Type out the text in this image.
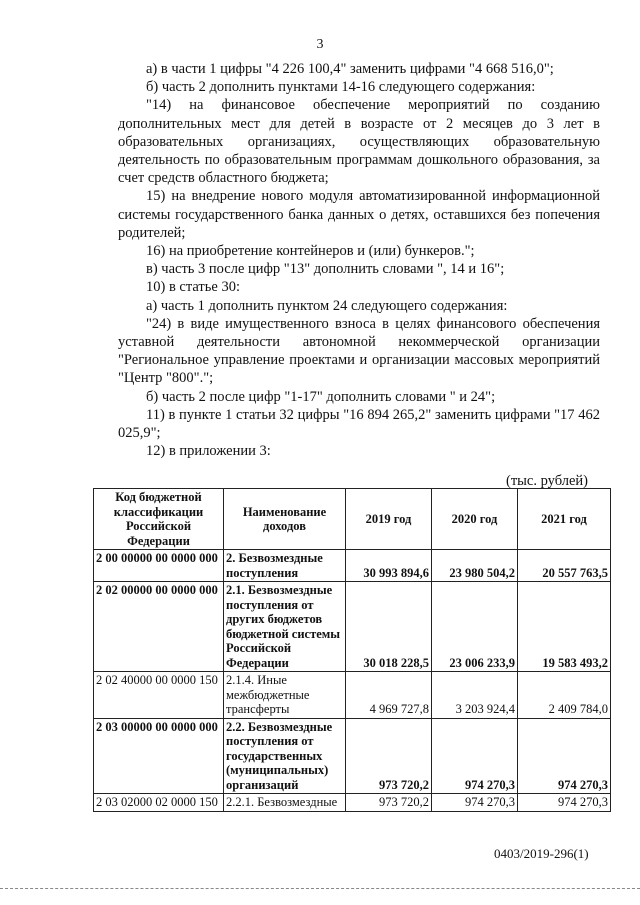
3

а) в части 1 цифры "4 226 100,4" заменить цифрами "4 668 516,0";

б) часть 2 дополнить пунктами 14-16 следующего содержания:

"14) на финансовое обеспечение мероприятий по созданию дополнительных мест для детей в возрасте от 2 месяцев до 3 лет в образовательных организациях, осуществляющих образовательную деятельность по образовательным программам дошкольного образования, за счет средств областного бюджета;

15) на внедрение нового модуля автоматизированной информационной системы государственного банка данных о детях, оставшихся без попечения родителей;

16) на приобретение контейнеров и (или) бункеров.";

в) часть 3 после цифр "13" дополнить словами ", 14 и 16";

10) в статье 30:

а) часть 1 дополнить пунктом 24 следующего содержания:

"24) в виде имущественного взноса в целях финансового обеспечения уставной деятельности автономной некоммерческой организации "Региональное управление проектами и организации массовых мероприятий "Центр "800".";

б) часть 2 после цифр "1-17" дополнить словами " и 24";

11) в пункте 1 статьи 32 цифры "16 894 265,2" заменить цифрами "17 462 025,9";

12) в приложении 3:

(тыс. рублей)
Код бюджетной классификации Российской Федерации	Наименование доходов	2019 год	2020 год	2021 год
2 00 00000 00 0000 000	2. Безвозмездные поступления	30 993 894,6	23 980 504,2	20 557 763,5
2 02 00000 00 0000 000	2.1. Безвозмездные поступления от других бюджетов бюджетной системы Российской Федерации	30 018 228,5	23 006 233,9	19 583 493,2
2 02 40000 00 0000 150	2.1.4. Иные межбюджетные трансферты	4 969 727,8	3 203 924,4	2 409 784,0
2 03 00000 00 0000 000	2.2. Безвозмездные поступления от государственных (муниципальных) организаций	973 720,2	974 270,3	974 270,3
2 03 02000 02 0000 150	2.2.1. Безвозмездные	973 720,2	974 270,3	974 270,3
0403/2019-296(1)
